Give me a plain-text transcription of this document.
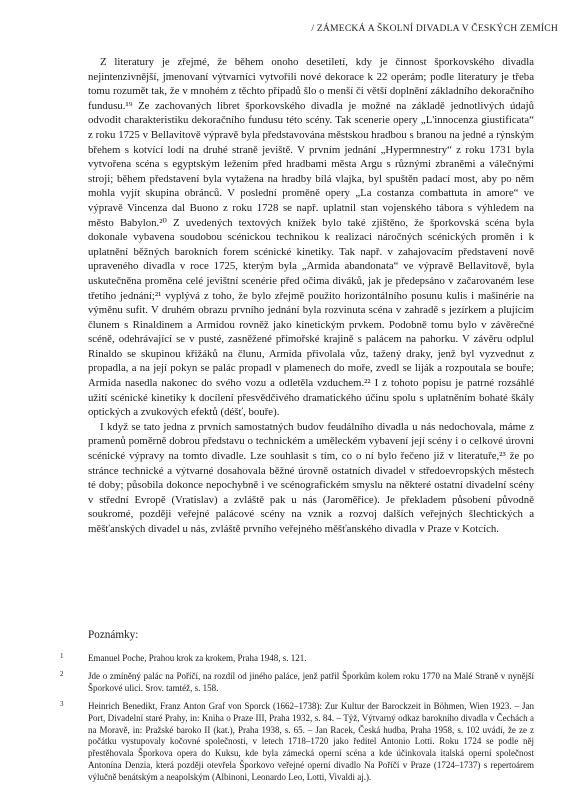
/ ZÁMECKÁ A ŠKOLNÍ DIVADLA V ČESKÝCH ZEMÍCH

Z literatury je zřejmé, že během onoho desetiletí, kdy je činnost šporkovského divadla nejintenzivnější, jmenovaní výtvarníci vytvořili nové dekorace k 22 operám; podle literatury je třeba tomu rozumět tak, že v mnohém z těchto případů šlo o menší či větší doplnění základního dekoračního fundusu.¹⁹ Ze zachovaných libret šporkovského divadla je možné na základě jednotlivých údajů odvodit charakteristiku dekoračního fundusu této scény. Tak scenerie opery „L'innocenza giustificata“ z roku 1725 v Bellavitově výpravě byla představována městskou hradbou s branou na jedné a rýnským břehem s kotvící lodí na druhé straně jeviště. V prvním jednání „Hypermnestry“ z roku 1731 byla vytvořena scéna s egyptským ležením před hradbami města Argu s různými zbraněmi a válečnými stroji; během představení byla vytažena na hradby bílá vlajka, byl spuštěn padací most, aby po něm mohla vyjít skupina obránců. V poslední proměně opery „La costanza combattuta in amore“ ve výpravě Vincenza dal Buono z roku 1728 se např. uplatnil stan vojenského tábora s výhledem na město Babylon.²⁰ Z uvedených textových knížek bylo také zjištěno, že šporkovská scéna byla dokonale vybavena soudobou scénickou technikou k realizaci náročných scénických proměn i k uplatnění běžných barokních forem scénické kinetiky. Tak např. v zahajovacím představení nově upraveného divadla v roce 1725, kterým byla „Armida abandonata“ ve výpravě Bellavitově, byla uskutečněna proměna celé jevištní scenérie před očima diváků, jak je předepsáno v začarovaném lese třetího jednání;²¹ vyplývá z toho, že bylo zřejmě použito horizontálního posunu kulis i mašinérie na výměnu sufit. V druhém obrazu prvního jednání byla rozvinuta scéna v zahradě s jezírkem a plujícím člunem s Rinaldinem a Armidou rovněž jako kinetickým prvkem. Podobně tomu bylo v závěrečné scéně, odehrávající se v pusté, zasněžené přímořské krajině s palácem na pahorku. V závěru odplul Rinaldo se skupinou křižáků na člunu, Armida přivolala vůz, tažený draky, jenž byl vyzvednut z propadla, a na její pokyn se palác propadl v plamenech do moře, zvedl se liják a rozpoutala se bouře; Armida nasedla nakonec do svého vozu a odletěla vzduchem.²² I z tohoto popisu je patrné rozsáhlé užití scénické kinetiky k docílení přesvědčivého dramatického účinu spolu s uplatněním bohaté škály optických a zvukových efektů (déšť, bouře).

I když se tato jedna z prvních samostatných budov feudálního divadla u nás nedochovala, máme z pramenů poměrně dobrou představu o technickém a uměleckém vybavení její scény i o celkové úrovni scénické výpravy na tomto divadle. Lze souhlasit s tím, co o ní bylo řečeno již v literatuře,²³ že po stránce technické a výtvarné dosahovala běžné úrovně ostatních divadel v středoevropských městech té doby; působila dokonce nepochybně i ve scénografickém smyslu na některé ostatní divadelní scény v střední Evropě (Vratislav) a zvláště pak u nás (Jaroměřice). Je překladem působení původně soukromé, později veřejné palácové scény na vznik a rozvoj dalších veřejných šlechtických a měšťanských divadel u nás, zvláště prvního veřejného měšťanského divadla v Praze v Kotcích.

Poznámky:
1	Emanuel Poche, Prahou krok za krokem, Praha 1948, s. 121.
2	Jde o zmíněný palác na Poříčí, na rozdíl od jiného paláce, jenž patřil Šporkům kolem roku 1770 na Malé Straně v nynější Šporkové ulici. Srov. tamtéž, s. 158.
3	Heinrich Benedikt, Franz Anton Graf von Sporck (1662–1738): Zur Kultur der Barockzeit in Böhmen, Wien 1923. – Jan Port, Divadelní staré Prahy, in: Kniha o Praze III, Praha 1932, s. 84. – Týž, Výtvarný odkaz barokního divadla v Čechách a na Moravě, in: Pražské baroko II (kat.), Praha 1938, s. 65. – Jan Racek, Česká hudba, Praha 1958, s. 102 uvádí, že ze z počátku vystupovaly kočovné společnosti, v letech 1718–1720 jako ředitel Antonio Lotti. Roku 1724 se podle něj přestěhovala Šporkova opera do Kuksu, kde byla zámecká operní scéna a kde účinkovala italská operní společnost Antonína Denzia, která později otevřela Šporkovo veřejné operní divadlo Na Poříčí v Praze (1724–1737) s repertoárem výlučně benátským a neapolským (Albinoni, Leonardo Leo, Lotti, Vivaldi aj.).
